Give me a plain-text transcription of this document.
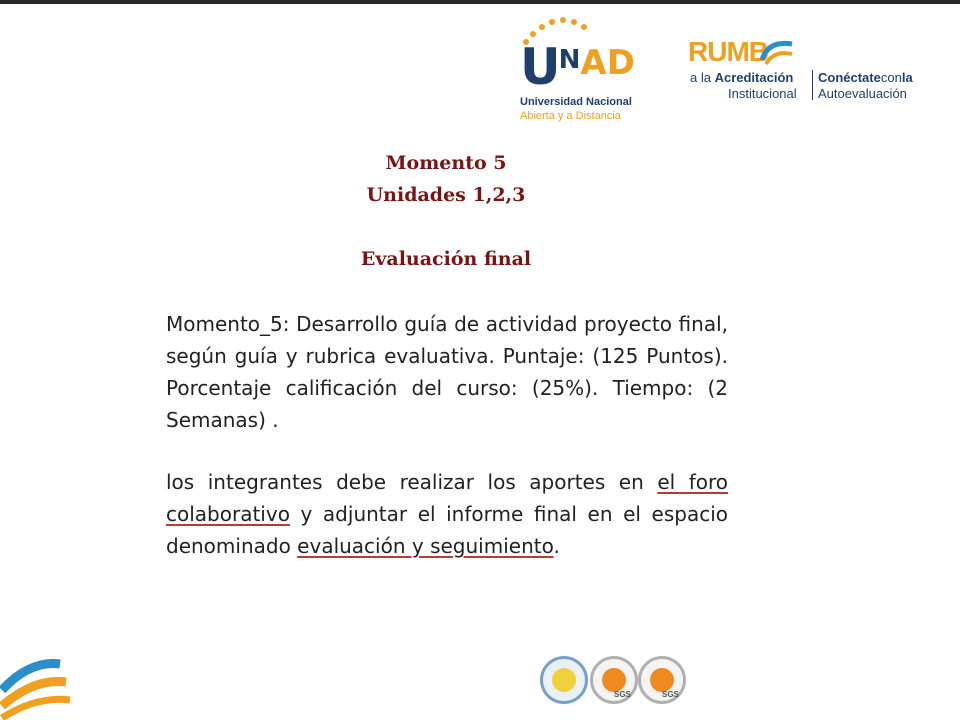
UNAD
Universidad Nacional
Abierta y a Distancia
RUMB
a la Acreditación
Institucional
Conéctateconla
Autoevaluación
Momento 5
Unidades 1,2,3
Evaluación final
Momento_5: Desarrollo guía de actividad proyecto final, según guía y rubrica evaluativa. Puntaje: (125 Puntos). Porcentaje calificación del curso: (25%). Tiempo: (2 Semanas) .
los integrantes debe realizar los aportes en el foro colaborativo y adjuntar el informe final en el espacio denominado evaluación y seguimiento.
SGS	SGS
